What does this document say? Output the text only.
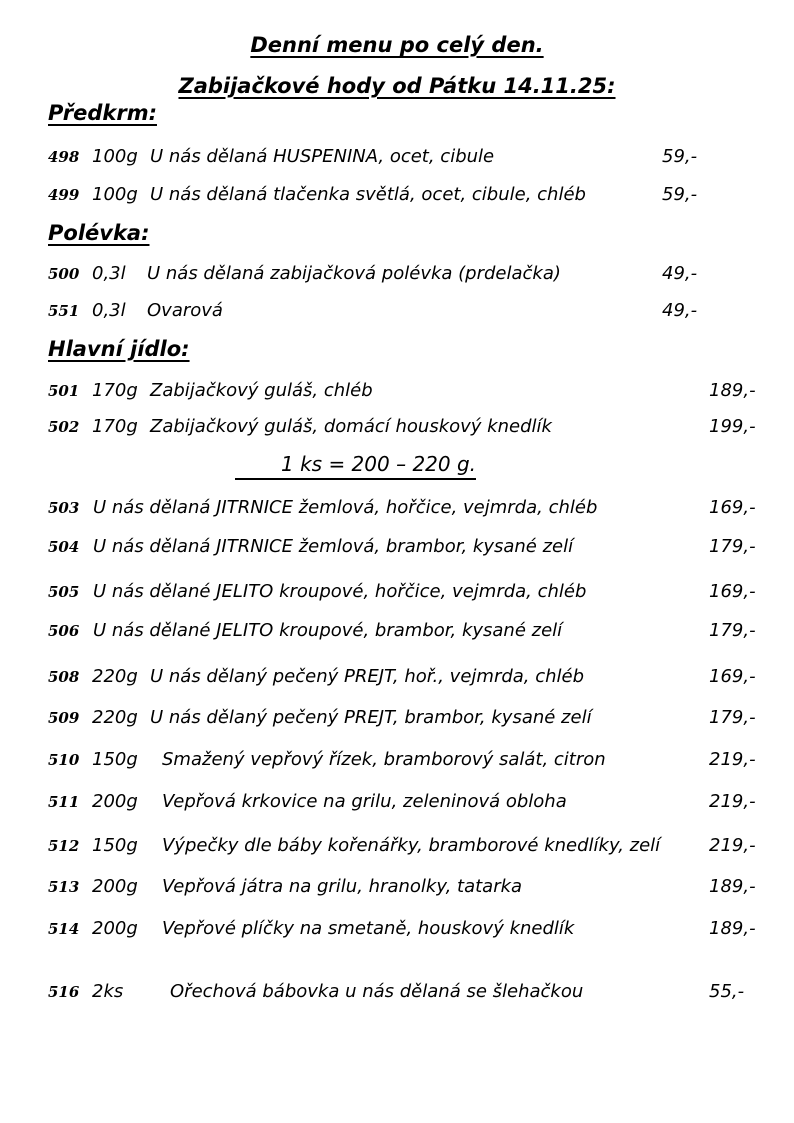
Denní menu po celý den.
Zabijačkové hody od Pátku 14.11.25:
Předkrm:
498 100g U nás dělaná HUSPENINA, ocet, cibule	59,-
499 100g U nás dělaná tlačenka světlá, ocet, cibule, chléb	59,-
Polévka:
500 0,3l U nás dělaná zabijačková polévka (prdelačka)	49,-
551 0,3l Ovarová	49,-
Hlavní jídlo:
501 170g Zabijačkový guláš, chléb	189,-
502 170g Zabijačkový guláš, domácí houskový knedlík	199,-
1 ks = 200 – 220 g.
503 U nás dělaná JITRNICE žemlová, hořčice, vejmrda, chléb	169,-
504 U nás dělaná JITRNICE žemlová, brambor, kysané zelí	179,-
505 U nás dělané JELITO kroupové, hořčice, vejmrda, chléb	169,-
506 U nás dělané JELITO kroupové, brambor, kysané zelí	179,-
508 220g U nás dělaný pečený PREJT, hoř., vejmrda, chléb	169,-
509 220g U nás dělaný pečený PREJT, brambor, kysané zelí	179,-
510 150g Smažený vepřový řízek, bramborový salát, citron	219,-
511 200g Vepřová krkovice na grilu, zeleninová obloha	219,-
512 150g Výpečky dle báby kořenářky, bramborové knedlíky, zelí	219,-
513 200g Vepřová játra na grilu, hranolky, tatarka	189,-
514 200g Vepřové plíčky na smetaně, houskový knedlík	189,-
516 2ks	Ořechová bábovka u nás dělaná se šlehačkou	55,-
